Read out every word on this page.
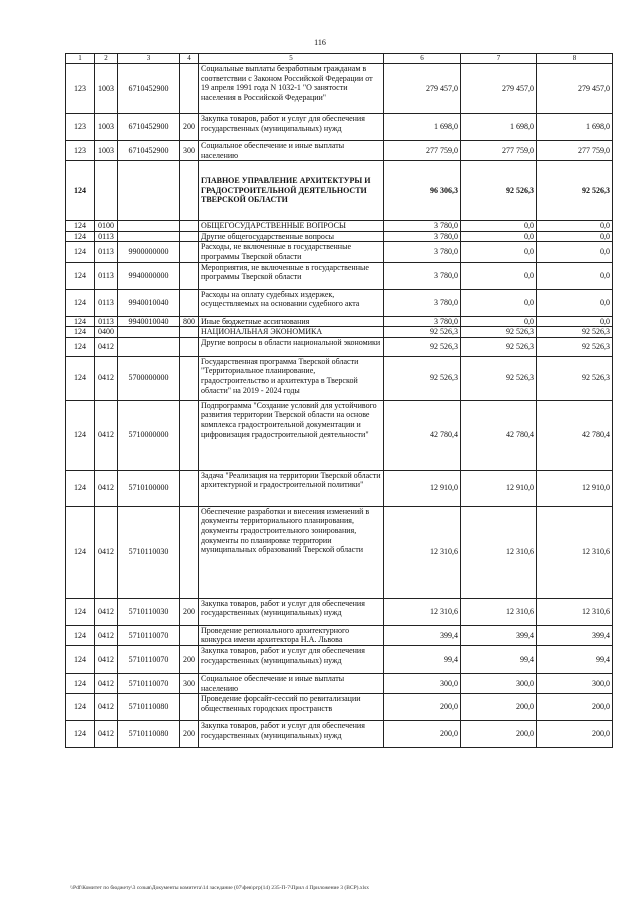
116
1	2	3	4	5	6	7	8
123	1003	6710452900		Социальные выплаты безработным гражданам в соответствии с Законом Российской Федерации от 19 апреля 1991 года N 1032-1 "О занятости населения в Российской Федерации"	279 457,0	279 457,0	279 457,0
123	1003	6710452900	200	Закупка товаров, работ и услуг для обеспечения государственных (муниципальных) нужд	1 698,0	1 698,0	1 698,0
123	1003	6710452900	300	Социальное обеспечение и иные выплаты населению	277 759,0	277 759,0	277 759,0
124				ГЛАВНОЕ УПРАВЛЕНИЕ АРХИТЕКТУРЫ И ГРАДОСТРОИТЕЛЬНОЙ ДЕЯТЕЛЬНОСТИ ТВЕРСКОЙ ОБЛАСТИ	96 306,3	92 526,3	92 526,3
124	0100			ОБЩЕГОСУДАРСТВЕННЫЕ ВОПРОСЫ	3 780,0	0,0	0,0
124	0113			Другие общегосударственные вопросы	3 780,0	0,0	0,0
124	0113	9900000000		Расходы, не включенные в государственные программы Тверской области	3 780,0	0,0	0,0
124	0113	9940000000		Мероприятия, не включенные в государственные программы Тверской области	3 780,0	0,0	0,0
124	0113	9940010040		Расходы на оплату судебных издержек, осуществляемых на основании судебного акта	3 780,0	0,0	0,0
124	0113	9940010040	800	Иные бюджетные ассигнования	3 780,0	0,0	0,0
124	0400			НАЦИОНАЛЬНАЯ ЭКОНОМИКА	92 526,3	92 526,3	92 526,3
124	0412			Другие вопросы в области национальной экономики	92 526,3	92 526,3	92 526,3
124	0412	5700000000		Государственная программа Тверской области "Территориальное планирование, градостроительство и архитектура в Тверской области" на 2019 - 2024 годы	92 526,3	92 526,3	92 526,3
124	0412	5710000000		Подпрограмма "Создание условий для устойчивого развития территории Тверской области на основе комплекса градостроительной документации и цифровизация градостроительной деятельности"	42 780,4	42 780,4	42 780,4
124	0412	5710100000		Задача "Реализация на территории Тверской области архитектурной и градостроительной политики"	12 910,0	12 910,0	12 910,0
124	0412	5710110030		Обеспечение разработки и внесения изменений в документы территориального планирования, документы градостроительного зонирования, документы по планировке территории муниципальных образований Тверской области	12 310,6	12 310,6	12 310,6
124	0412	5710110030	200	Закупка товаров, работ и услуг для обеспечения государственных (муниципальных) нужд	12 310,6	12 310,6	12 310,6
124	0412	5710110070		Проведение регионального архитектурного конкурса имени архитектора Н.А. Львова	399,4	399,4	399,4
124	0412	5710110070	200	Закупка товаров, работ и услуг для обеспечения государственных (муниципальных) нужд	99,4	99,4	99,4
124	0412	5710110070	300	Социальное обеспечение и иные выплаты населению	300,0	300,0	300,0
124	0412	5710110080		Проведение форсайт-сессий по ревитализации общественных городских пространств	200,0	200,0	200,0
124	0412	5710110080	200	Закупка товаров, работ и услуг для обеспечения государственных (муниципальных) нужд	200,0	200,0	200,0
\\Pdf\Комитет по бюджету\3 созыв\Документы комитета\14 заседание (07\фев\ргр(14) 235-П-7\Прил 4 Приложение 3 (ВСР).xlsx
